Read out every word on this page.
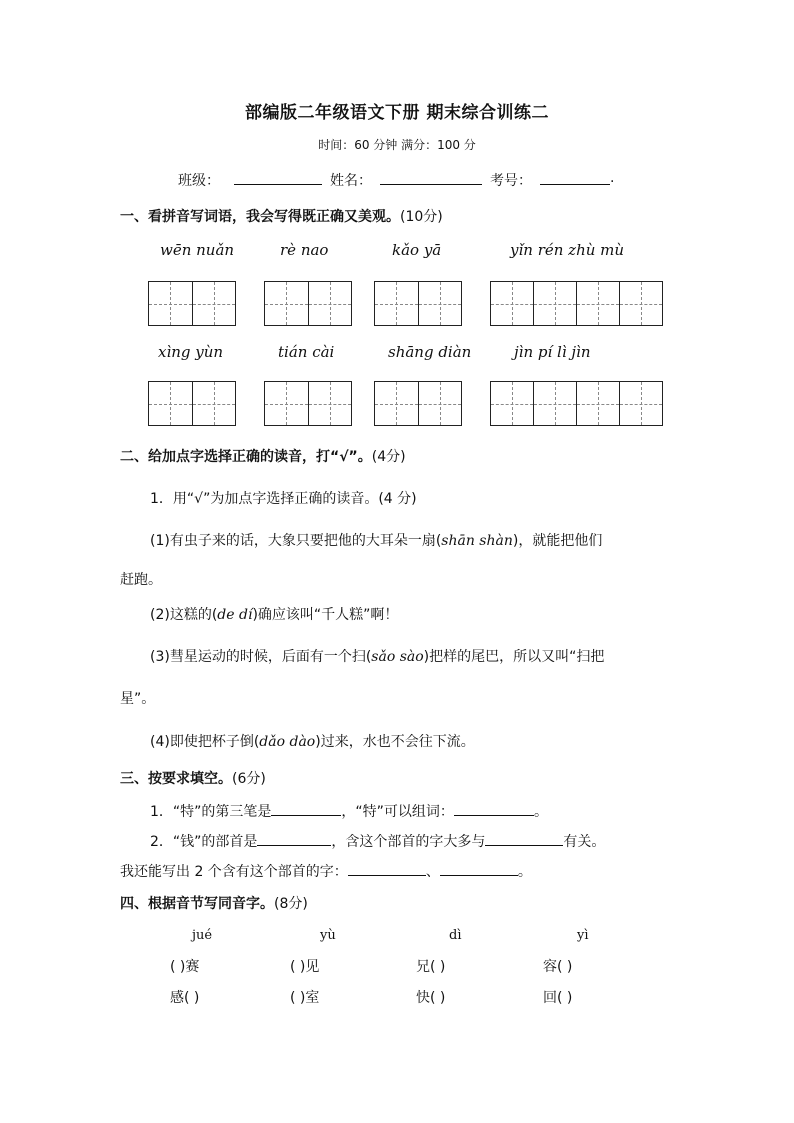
部编版二年级语文下册 期末综合训练二
时间：60 分钟 满分：100 分
班级：	姓名：	考号：	.
一、看拼音写词语，我会写得既正确又美观。(10分)
wēn nuǎn	rè nao	kǎo yā	yǐn rén zhù mù
xìng yùn	tián cài	shāng diàn	jìn pí lì jìn
二、给加点字选择正确的读音，打“√”。(4分)
1．用“√”为加点字选择正确的读音。(4 分)
(1)有虫子来的话，大象只要把他的大耳朵一扇(shān shàn)，就能把他们
赶跑。
(2)这糕的(de dí)确应该叫“千人糕”啊！
(3)彗星运动的时候，后面有一个扫(sǎo sào)把样的尾巴，所以又叫“扫把
星”。
(4)即使把杯子倒(dǎo dào)过来，水也不会往下流。
三、按要求填空。(6分)
1．“特”的第三笔是	，“特”可以组词：	。
2．“钱”的部首是	，含这个部首的字大多与	有关。
我还能写出 2 个含有这个部首的字：	、	。
四、根据音节写同音字。(8分)
jué	yù	dì	yì
( )赛	( )见	兄( )	容( )
感( )	( )室	快( )	回( )
